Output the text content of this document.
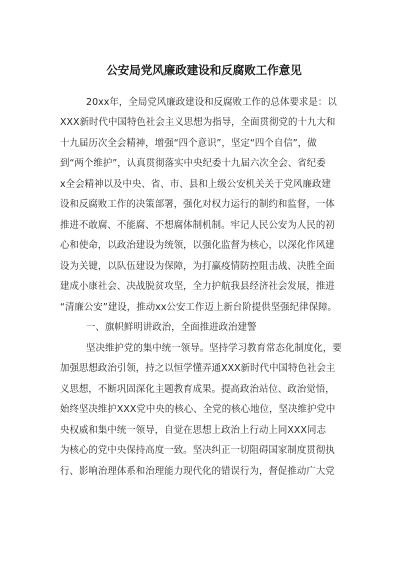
公安局党风廉政建设和反腐败工作意见
20xx年，全局党风廉政建设和反腐败工作的总体要求是：以
XXX新时代中国特色社会主义思想为指导，全面贯彻党的十九大和
十九届历次全会精神，增强“四个意识”，坚定“四个自信”，做
到“两个维护”，认真贯彻落实中央纪委十九届六次全会、省纪委
x全会精神以及中央、省、市、县和上级公安机关关于党风廉政建
设和反腐败工作的决策部署，强化对权力运行的制约和监督，一体
推进不敢腐、不能腐、不想腐体制机制。牢记人民公安为人民的初
心和使命，以政治建设为统领，以强化监督为核心，以深化作风建
设为关键，以队伍建设为保障，为打赢疫情防控阻击战、决胜全面
建成小康社会、决战脱贫攻坚，全力护航我县经济社会发展，推进
“清廉公安”建设，推动xx公安工作迈上新台阶提供坚强纪律保障。
一、旗帜鲜明讲政治，全面推进政治建警
坚决维护党的集中统一领导。坚持学习教育常态化制度化，要
加强思想政治引领，持之以恒学懂弄通XXX新时代中国特色社会主
义思想，不断巩固深化主题教育成果。提高政治站位、政治觉悟，
始终坚决维护XXX党中央的核心、全党的核心地位，坚决维护党中
央权威和集中统一领导，自觉在思想上政治上行动上同XXX同志
为核心的党中央保持高度一致。坚决纠正一切阻碍国家制度贯彻执
行、影响治理体系和治理能力现代化的错误行为，督促推动广大党
